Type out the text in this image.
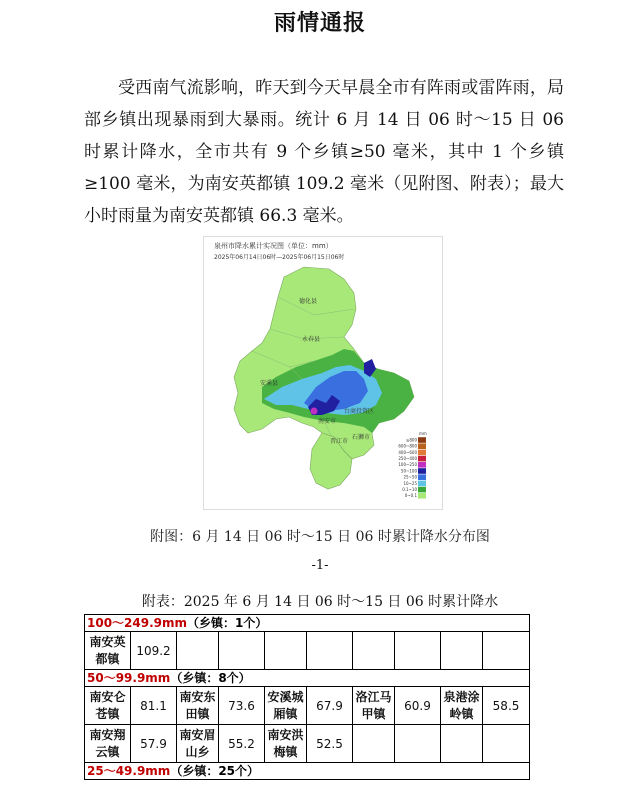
雨情通报

受西南气流影响，昨天到今天早晨全市有阵雨或雷阵雨，局部乡镇出现暴雨到大暴雨。统计 6 月 14 日 06 时～15 日 06 时累计降水，全市共有 9 个乡镇≥50 毫米，其中 1 个乡镇≥100 毫米，为南安英都镇 109.2 毫米（见附图、附表）；最大小时雨量为南安英都镇 66.3 毫米。

泉州市降水累计实况图（单位：mm）
2025年06月14日06时—2025年06月15日06时
德化县
永春县
安溪县
南安市
晋江市
石狮市
台商投资区
mm
≥800
600~800
400~600
250~400
100~250
50~100
25~50
10~25
0.1~10
0~0.1
附图：6 月 14 日 06 时～15 日 06 时累计降水分布图
-1-
附表：2025 年 6 月 14 日 06 时～15 日 06 时累计降水
100～249.9mm（乡镇：1个）									
南安英都镇	109.2								
50～99.9mm（乡镇：8个）									
南安仑苍镇	81.1	南安东田镇	73.6	安溪城厢镇	67.9	洛江马甲镇	60.9	泉港涂岭镇	58.5
南安翔云镇	57.9	南安眉山乡	55.2	南安洪梅镇	52.5				
25～49.9mm（乡镇：25个）									
